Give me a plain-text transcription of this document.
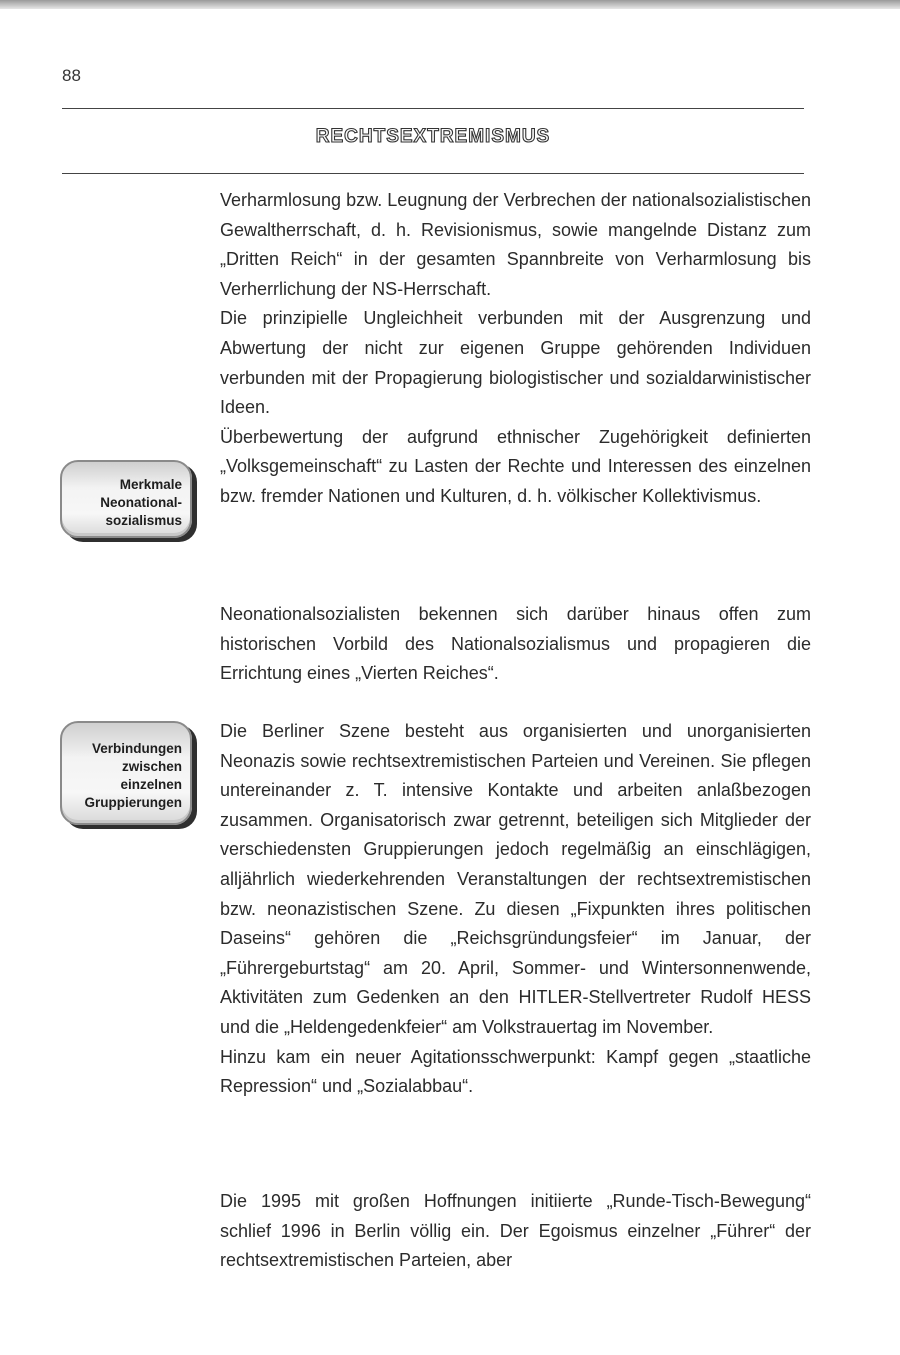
88
RECHTSEXTREMISMUS

Verharmlosung bzw. Leugnung der Verbrechen der nationalsozialistischen Gewaltherrschaft, d. h. Revisionismus, sowie mangelnde Distanz zum „Dritten Reich“ in der gesamten Spannbreite von Verharmlosung bis Verherrlichung der NS-Herrschaft.

Die prinzipielle Ungleichheit verbunden mit der Ausgrenzung und Abwertung der nicht zur eigenen Gruppe gehörenden Individuen verbunden mit der Propagierung biologistischer und sozialdarwinistischer Ideen.

Überbewertung der aufgrund ethnischer Zugehörigkeit definierten „Volksgemeinschaft“ zu Lasten der Rechte und Interessen des einzelnen bzw. fremder Nationen und Kulturen, d. h. völkischer Kollektivismus.

Merkmale
Neonational-
sozialismus

Neonationalsozialisten bekennen sich darüber hinaus offen zum historischen Vorbild des Nationalsozialismus und propagieren die Errichtung eines „Vierten Reiches“.

Verbindungen
zwischen
einzelnen
Gruppierungen

Die Berliner Szene besteht aus organisierten und unorganisierten Neonazis sowie rechtsextremistischen Parteien und Vereinen. Sie pflegen untereinander z. T. intensive Kontakte und arbeiten anlaßbezogen zusammen. Organisatorisch zwar getrennt, beteiligen sich Mitglieder der verschiedensten Gruppierungen jedoch regelmäßig an einschlägigen, alljährlich wiederkehrenden Veranstaltungen der rechtsextremistischen bzw. neonazistischen Szene. Zu diesen „Fixpunkten ihres politischen Daseins“ gehören die „Reichsgründungsfeier“ im Januar, der „Führergeburtstag“ am 20. April, Sommer- und Wintersonnenwende, Aktivitäten zum Gedenken an den HITLER-Stellvertreter Rudolf HESS und die „Heldengedenkfeier“ am Volkstrauertag im November.

Hinzu kam ein neuer Agitationsschwerpunkt: Kampf gegen „staatliche Repression“ und „Sozialabbau“.

Die 1995 mit großen Hoffnungen initiierte „Runde-Tisch-Bewegung“ schlief 1996 in Berlin völlig ein. Der Egoismus einzelner „Führer“ der rechtsextremistischen Parteien, aber
